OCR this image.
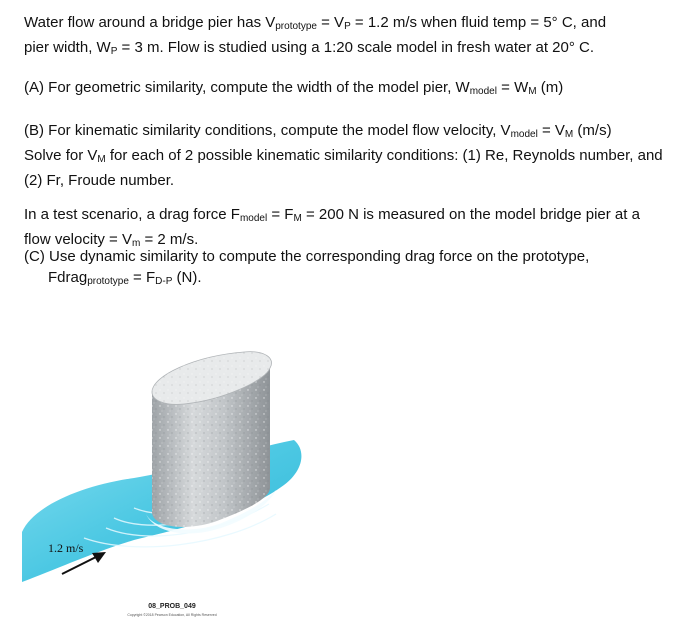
Water flow around a bridge pier has $V_{prototype} = V_P = 1.2$ m/s when fluid temp = 5° C, and
pier width, $W_P = 3$ m. Flow is studied using a 1:20 scale model in fresh water at 20° C.

(A) For geometric similarity, compute the width of the model pier, $W_{model} = W_M$ (m)

(B) For kinematic similarity conditions, compute the model flow velocity, $V_{model} = V_M$ (m/s)
Solve for $V_M$ for each of 2 possible kinematic similarity conditions: (1) Re, Reynolds number, and
(2) Fr, Froude number.

In a test scenario, a drag force $F_{model} = F_M = 200$ N is measured on the model bridge pier at a
flow velocity = $V_m = 2$ m/s.

(C) Use dynamic similarity to compute the corresponding drag force on the prototype,
Fdrag$_{prototype}$ = $F_{D-P}$ (N).

1.2 m/s
08_PROB_049
Copyright ©2018 Pearson Education, All Rights Reserved
